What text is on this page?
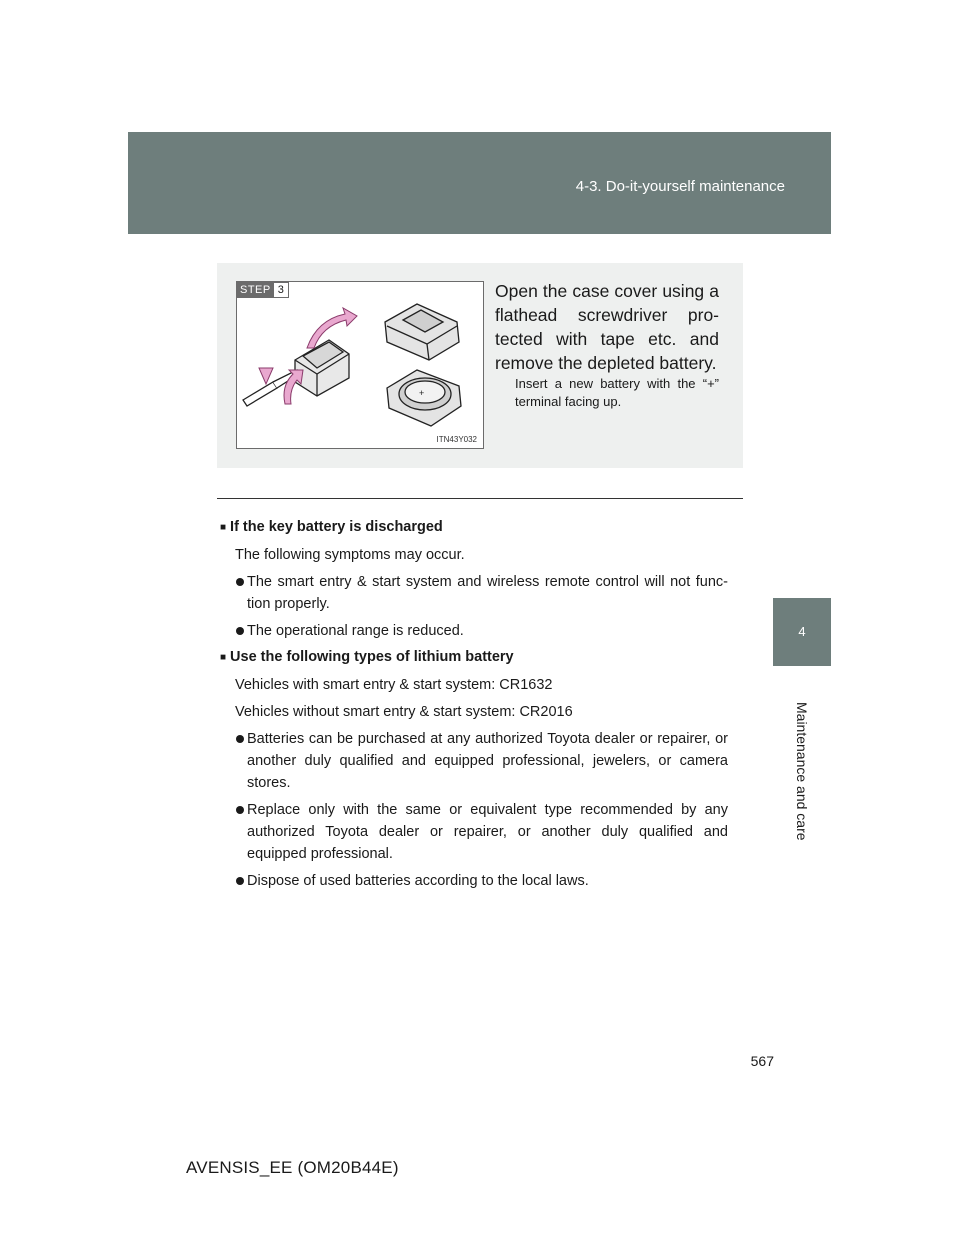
4-3. Do-it-yourself maintenance
4
Maintenance and care
STEP 3
+
ITN43Y032
Open the case cover using a flathead screwdriver pro-tected with tape etc. and remove the depleted battery.
Insert a new battery with the “+” terminal facing up.
■ If the key battery is discharged
The following symptoms may occur.
The smart entry & start system and wireless remote control will not func-tion properly.
The operational range is reduced.
■ Use the following types of lithium battery
Vehicles with smart entry & start system: CR1632
Vehicles without smart entry & start system: CR2016
Batteries can be purchased at any authorized Toyota dealer or repairer, or another duly qualified and equipped professional, jewelers, or camera stores.
Replace only with the same or equivalent type recommended by any authorized Toyota dealer or repairer, or another duly qualified and equipped professional.
Dispose of used batteries according to the local laws.
567
AVENSIS_EE (OM20B44E)
